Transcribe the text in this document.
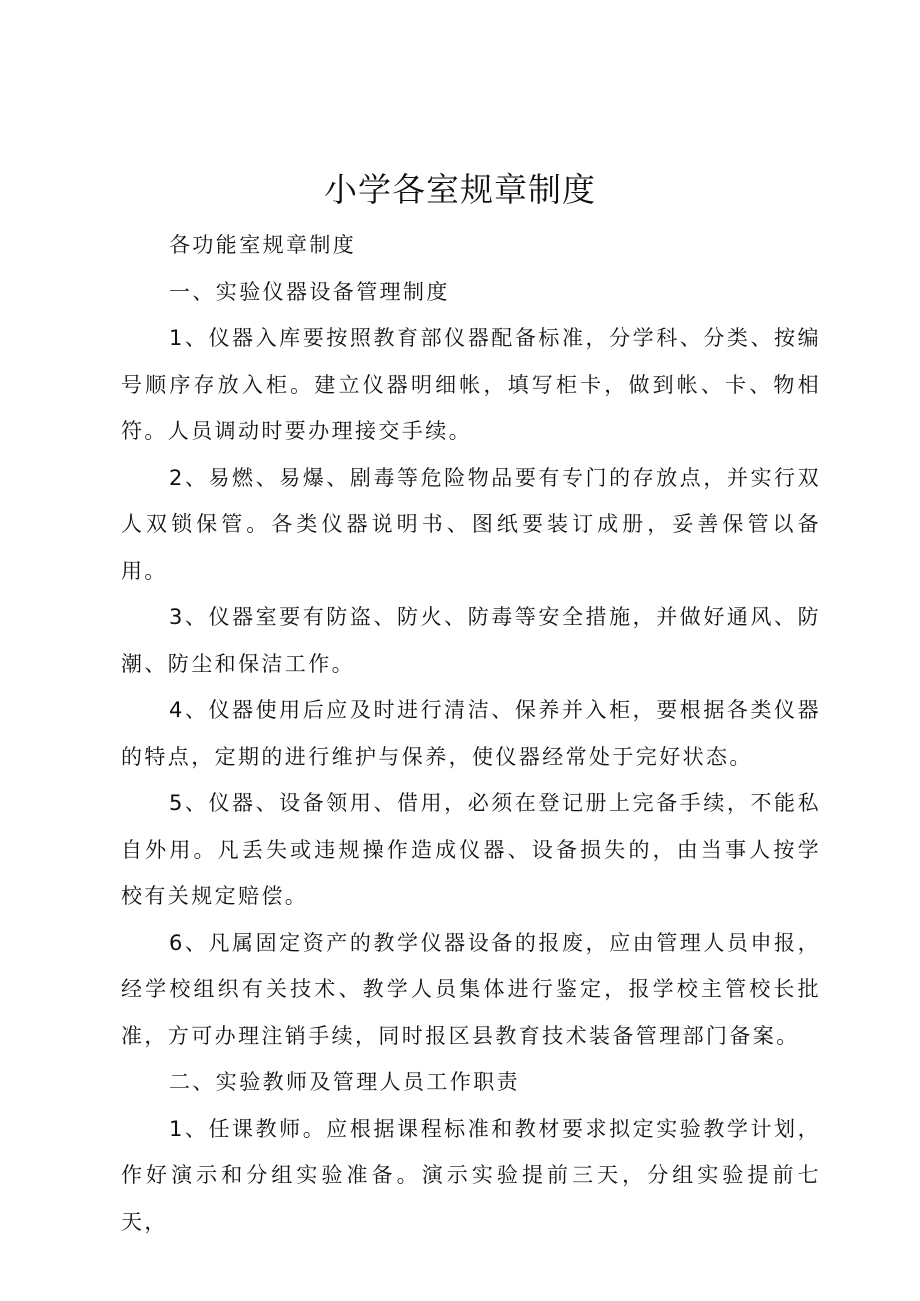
小学各室规章制度

各功能室规章制度

一、实验仪器设备管理制度

1、仪器入库要按照教育部仪器配备标准，分学科、分类、按编号顺序存放入柜。建立仪器明细帐，填写柜卡，做到帐、卡、物相符。人员调动时要办理接交手续。

2、易燃、易爆、剧毒等危险物品要有专门的存放点，并实行双人双锁保管。各类仪器说明书、图纸要装订成册，妥善保管以备用。

3、仪器室要有防盗、防火、防毒等安全措施，并做好通风、防潮、防尘和保洁工作。

4、仪器使用后应及时进行清洁、保养并入柜，要根据各类仪器的特点，定期的进行维护与保养，使仪器经常处于完好状态。

5、仪器、设备领用、借用，必须在登记册上完备手续，不能私自外用。凡丢失或违规操作造成仪器、设备损失的，由当事人按学校有关规定赔偿。

6、凡属固定资产的教学仪器设备的报废，应由管理人员申报，经学校组织有关技术、教学人员集体进行鉴定，报学校主管校长批准，方可办理注销手续，同时报区县教育技术装备管理部门备案。

二、实验教师及管理人员工作职责

1、任课教师。应根据课程标准和教材要求拟定实验教学计划，作好演示和分组实验准备。演示实验提前三天，分组实验提前七天，
